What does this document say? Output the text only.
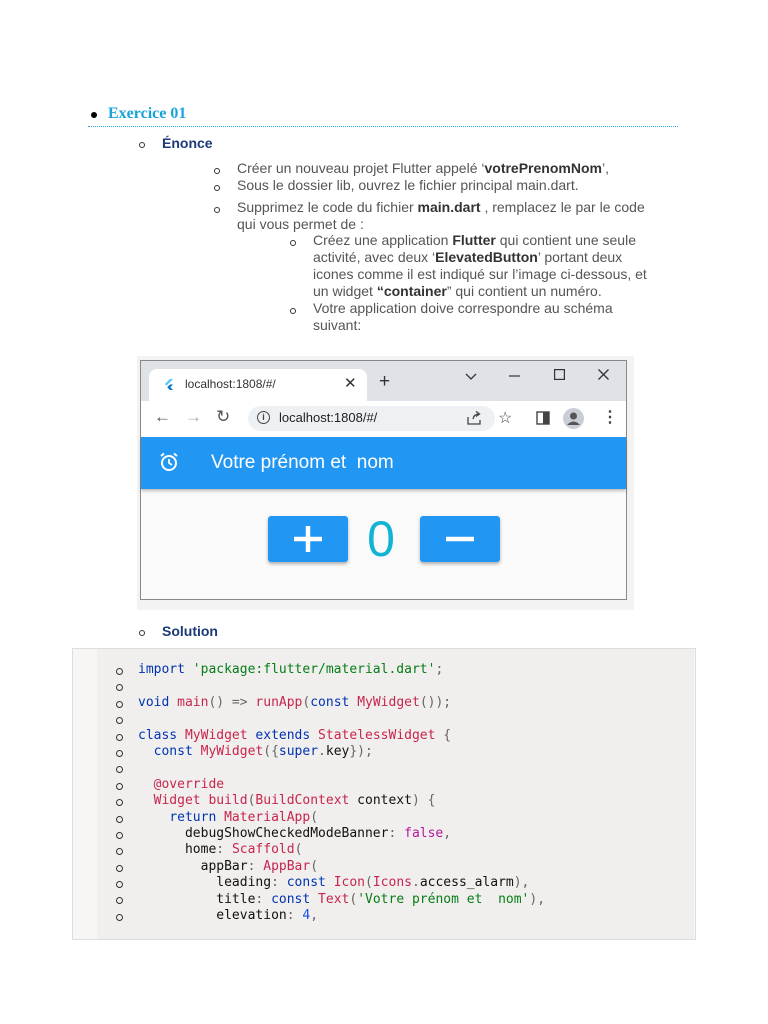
Exercice 01
Énonce
Créer un nouveau projet Flutter appelé ‘votrePrenomNom’,
Sous le dossier lib, ouvrez le fichier principal main.dart.
Supprimez le code du fichier main.dart , remplacez le par le code
qui vous permet de :
Créez une application Flutter qui contient une seule
activité, avec deux ‘ElevatedButton’ portant deux
icones comme il est indiqué sur l’image ci-dessous, et
un widget “container” qui contient un numéro.
Votre application doive correspondre au schéma
suivant:
localhost:1808/#/	✕ +
← → ↻	i	localhost:1808/#/	☆	⋮
Votre prénom et  nom
0
Solution
import 'package:flutter/material.dart';

void main() => runApp(const MyWidget());

class MyWidget extends StatelessWidget {
const MyWidget({super.key});

@override
Widget build(BuildContext context) {
return MaterialApp(
debugShowCheckedModeBanner: false,
home: Scaffold(
appBar: AppBar(
leading: const Icon(Icons.access_alarm),
title: const Text('Votre prénom et  nom'),
elevation: 4,
